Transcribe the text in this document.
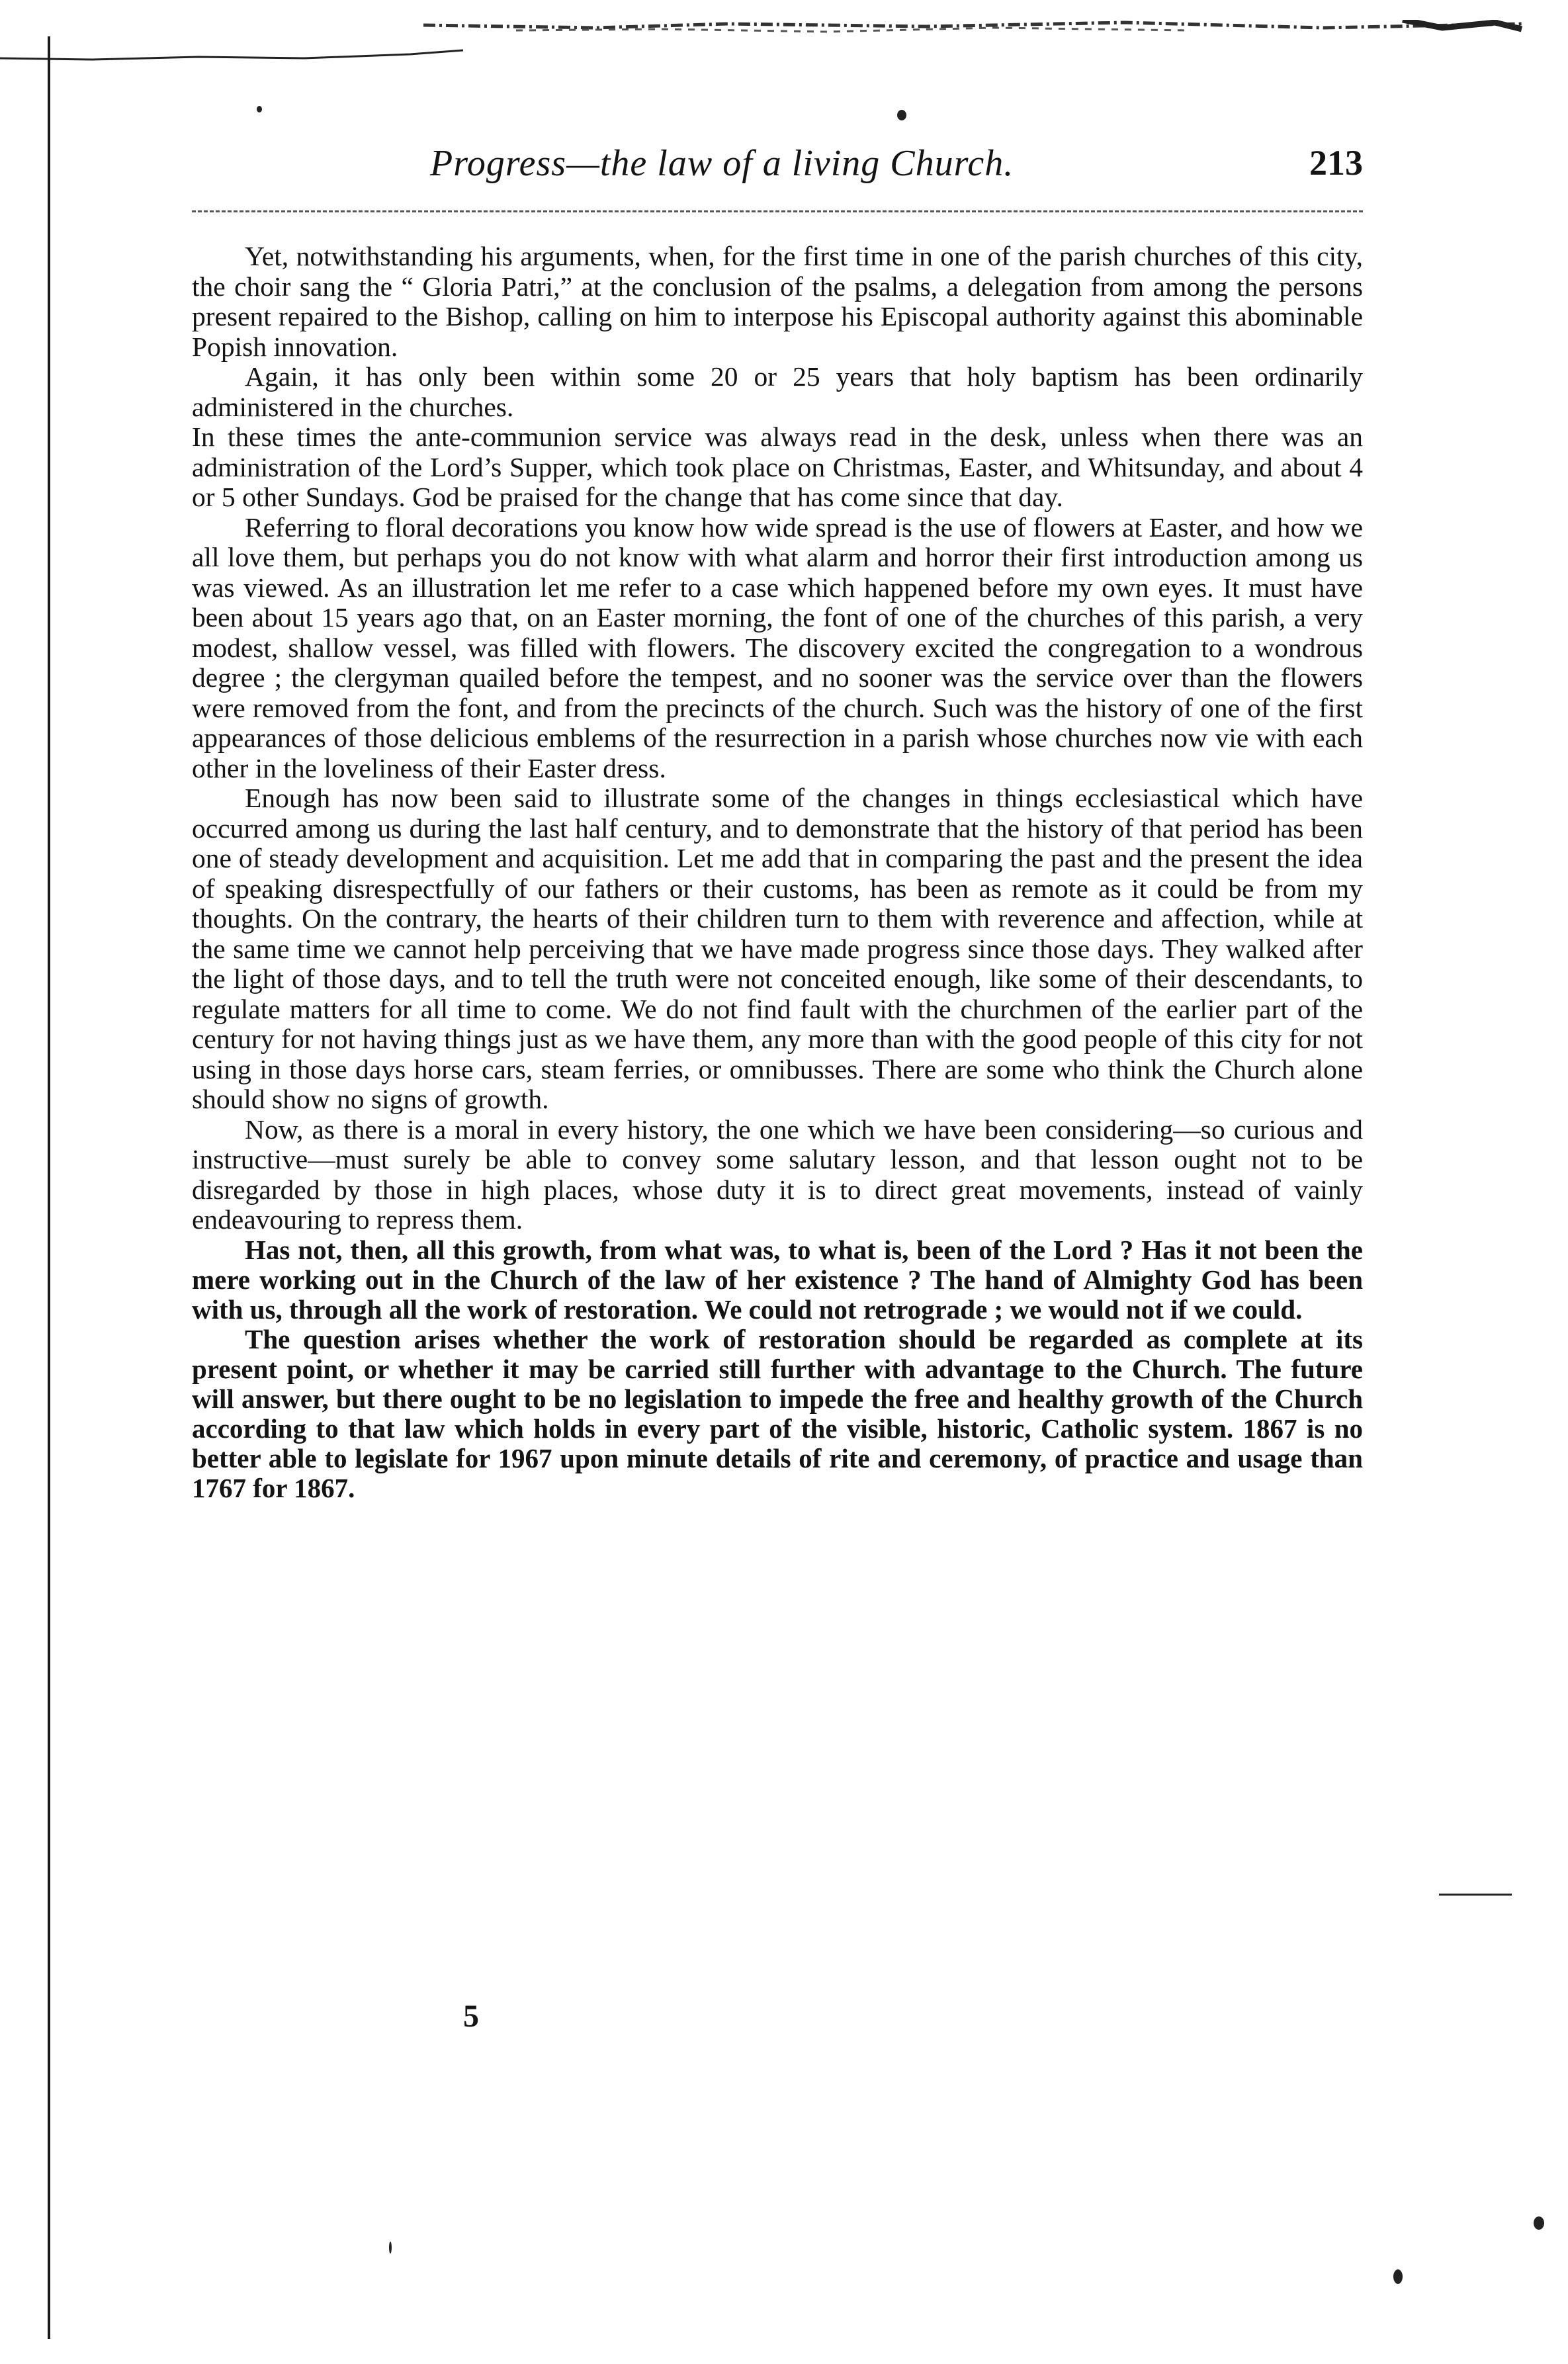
Progress—the law of a living Church.	213

Yet, notwithstanding his arguments, when, for the first time in one of the parish churches of this city, the choir sang the “ Gloria Patri,” at the conclusion of the psalms, a delegation from among the persons present repaired to the Bishop, calling on him to interpose his Episcopal authority against this abominable Popish innovation.

Again, it has only been within some 20 or 25 years that holy baptism has been ordinarily administered in the churches.

In these times the ante-communion service was always read in the desk, unless when there was an administration of the Lord’s Supper, which took place on Christmas, Easter, and Whitsunday, and about 4 or 5 other Sundays. God be praised for the change that has come since that day.

Referring to floral decorations you know how wide spread is the use of flowers at Easter, and how we all love them, but perhaps you do not know with what alarm and horror their first introduction among us was viewed. As an illustration let me refer to a case which happened before my own eyes. It must have been about 15 years ago that, on an Easter morning, the font of one of the churches of this parish, a very modest, shallow vessel, was filled with flowers. The discovery excited the congregation to a wondrous degree ; the clergyman quailed before the tempest, and no sooner was the service over than the flowers were removed from the font, and from the precincts of the church. Such was the history of one of the first appearances of those delicious emblems of the resurrection in a parish whose churches now vie with each other in the loveliness of their Easter dress.

Enough has now been said to illustrate some of the changes in things ecclesiastical which have occurred among us during the last half century, and to demonstrate that the history of that period has been one of steady development and acquisition. Let me add that in comparing the past and the present the idea of speaking disrespectfully of our fathers or their customs, has been as remote as it could be from my thoughts. On the contrary, the hearts of their children turn to them with reverence and affection, while at the same time we cannot help perceiving that we have made progress since those days. They walked after the light of those days, and to tell the truth were not conceited enough, like some of their descendants, to regulate matters for all time to come. We do not find fault with the churchmen of the earlier part of the century for not having things just as we have them, any more than with the good people of this city for not using in those days horse cars, steam ferries, or omnibusses. There are some who think the Church alone should show no signs of growth.

Now, as there is a moral in every history, the one which we have been considering—so curious and instructive—must surely be able to convey some salutary lesson, and that lesson ought not to be disregarded by those in high places, whose duty it is to direct great movements, instead of vainly endeavouring to repress them.

Has not, then, all this growth, from what was, to what is, been of the Lord ? Has it not been the mere working out in the Church of the law of her existence ? The hand of Almighty God has been with us, through all the work of restoration. We could not retrograde ; we would not if we could.

The question arises whether the work of restoration should be regarded as complete at its present point, or whether it may be carried still further with advantage to the Church. The future will answer, but there ought to be no legislation to impede the free and healthy growth of the Church according to that law which holds in every part of the visible, historic, Catholic system. 1867 is no better able to legislate for 1967 upon minute details of rite and ceremony, of practice and usage than 1767 for 1867.

5
